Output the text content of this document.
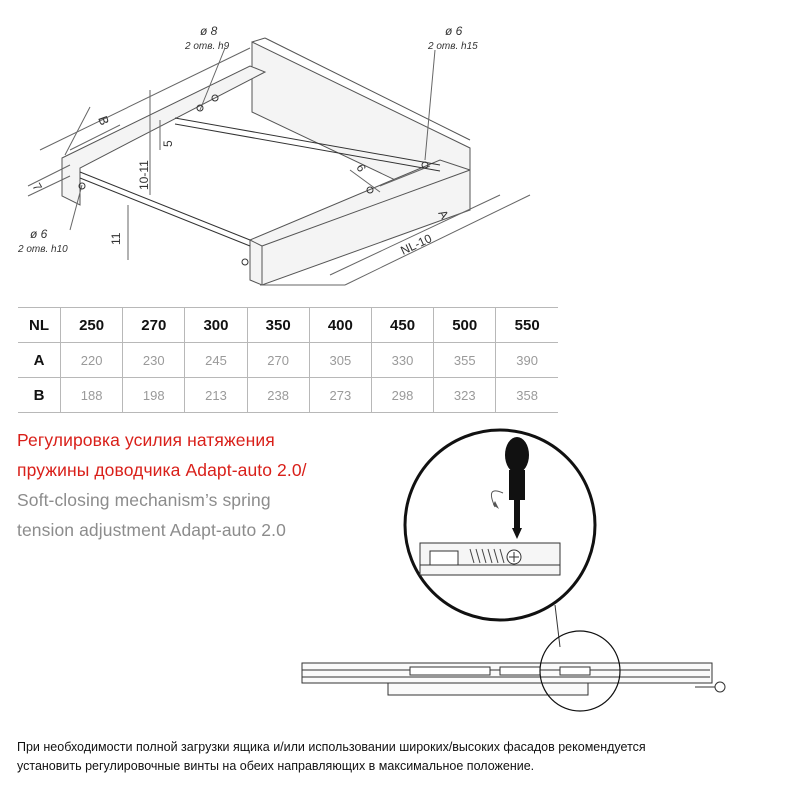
ø 8
2 отв. h9
ø 6
2 отв. h15
ø 6
2 отв. h10
B
5
10-11
11
7
6
A
NL-10
NL	250	270	300	350	400	450	500	550
A	220	230	245	270	305	330	355	390
B	188	198	213	238	273	298	323	358
Регулировка усилия натяжения
пружины доводчика Adapt-auto 2.0/
Soft-closing mechanism’s spring
tension adjustment Adapt-auto 2.0
При необходимости полной загрузки ящика и/или использовании широких/высоких фасадов рекомендуется
установить регулировочные винты на обеих направляющих в максимальное положение.
